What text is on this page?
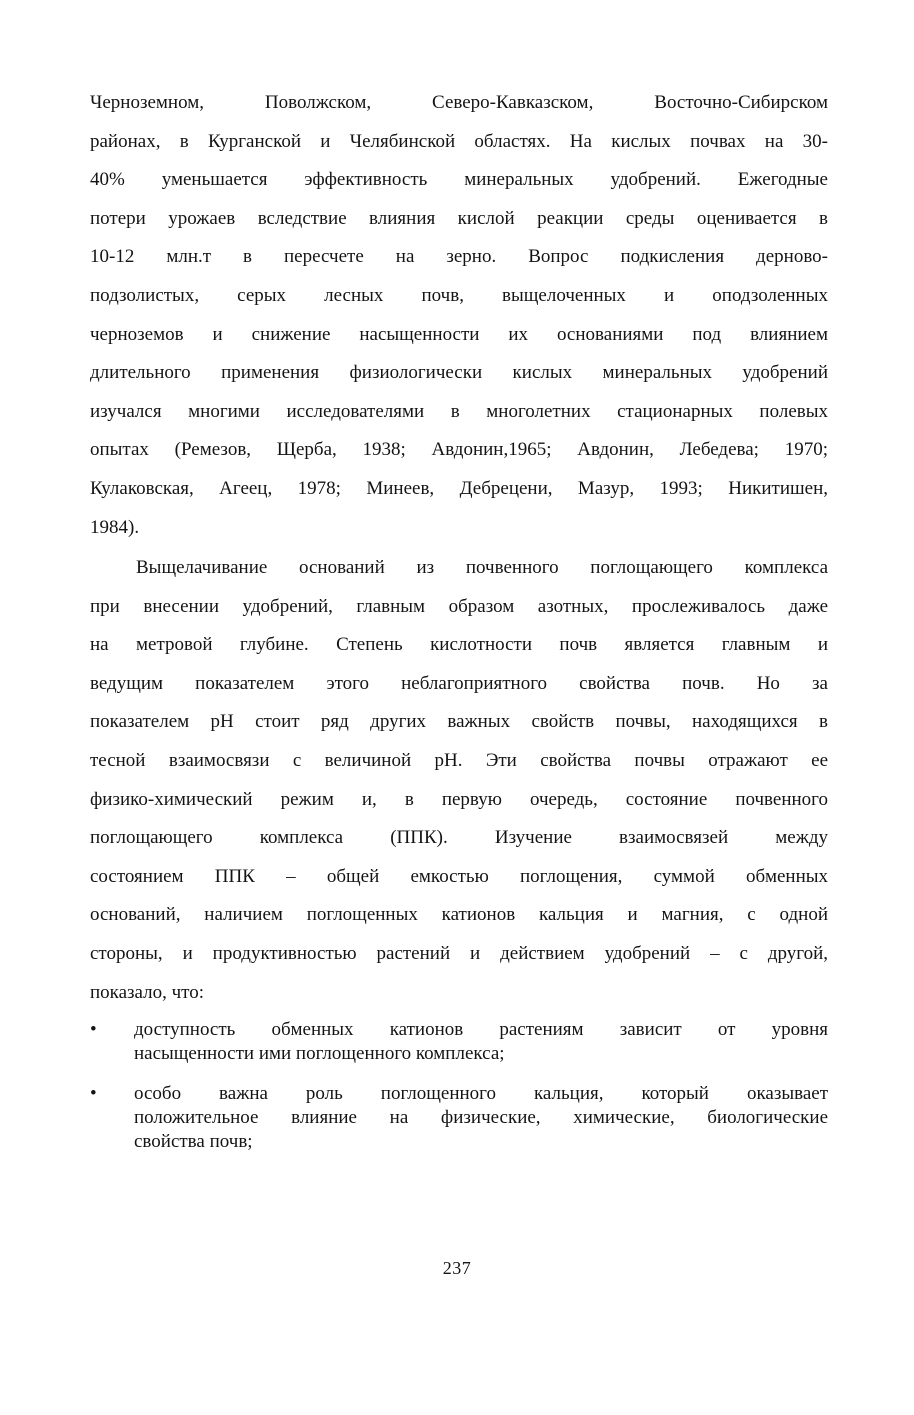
Черноземном, Поволжском, Северо-Кавказском, Восточно-Сибирском
районах, в Курганской и Челябинской областях. На кислых почвах на 30-
40% уменьшается эффективность минеральных удобрений. Ежегодные
потери урожаев вследствие влияния кислой реакции среды оценивается в
10-12 млн.т в пересчете на зерно. Вопрос подкисления дерново-
подзолистых, серых лесных почв, выщелоченных и оподзоленных
черноземов и снижение насыщенности их основаниями под влиянием
длительного применения физиологически кислых минеральных удобрений
изучался многими исследователями в многолетних стационарных полевых
опытах (Ремезов, Щерба, 1938; Авдонин,1965; Авдонин, Лебедева; 1970;
Кулаковская, Агеец, 1978; Минеев, Дебрецени, Мазур, 1993; Никитишен,
1984).
Выщелачивание оснований из почвенного поглощающего комплекса
при внесении удобрений, главным образом азотных, прослеживалось даже
на метровой глубине. Степень кислотности почв является главным и
ведущим показателем этого неблагоприятного свойства почв. Но за
показателем pH стоит ряд других важных свойств почвы, находящихся в
тесной взаимосвязи с величиной pH. Эти свойства почвы отражают ее
физико-химический режим и, в первую очередь, состояние почвенного
поглощающего комплекса (ППК). Изучение взаимосвязей между
состоянием ППК – общей емкостью поглощения, суммой обменных
оснований, наличием поглощенных катионов кальция и магния, с одной
стороны, и продуктивностью растений и действием удобрений – с другой,
показало, что:
•	доступность обменных катионов растениям зависит от уровня
насыщенности ими поглощенного комплекса;
•	особо важна роль поглощенного кальция, который оказывает
положительное влияние на физические, химические, биологические
свойства почв;
237
